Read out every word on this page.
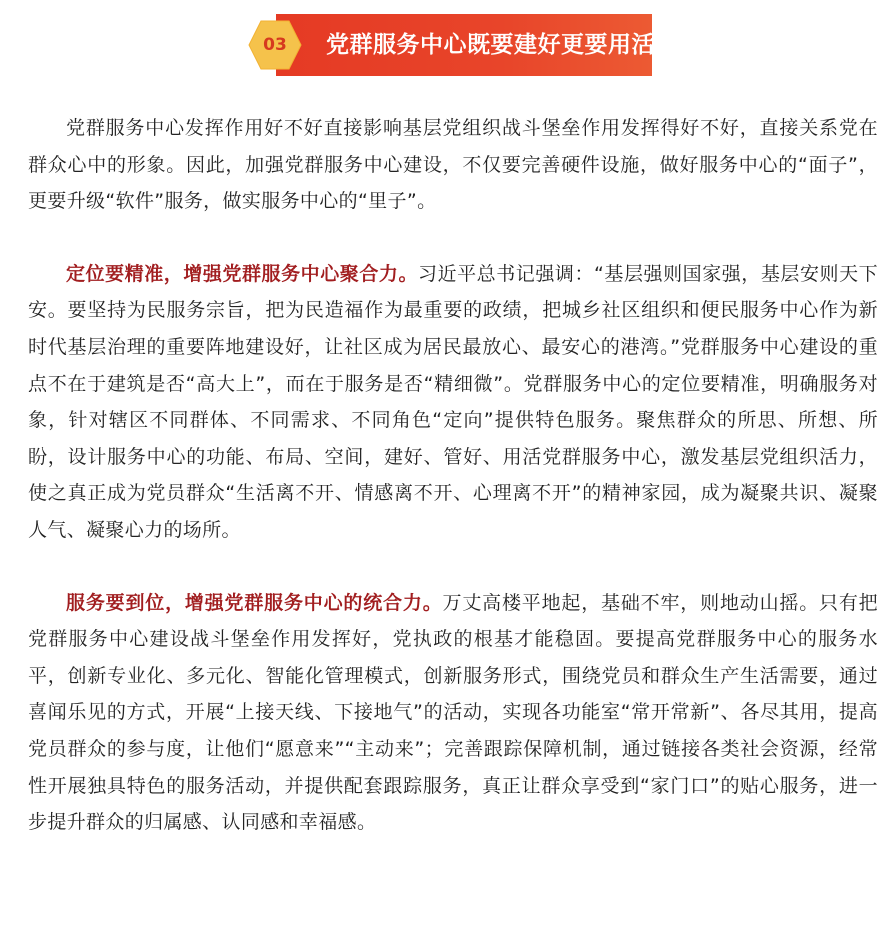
党群服务中心既要建好更要用活
03

党群服务中心发挥作用好不好直接影响基层党组织战斗堡垒作用发挥得好不好，直接关系党在群众心中的形象。因此，加强党群服务中心建设，不仅要完善硬件设施，做好服务中心的“面子”，更要升级“软件”服务，做实服务中心的“里子”。

定位要精准，增强党群服务中心聚合力。习近平总书记强调：“基层强则国家强，基层安则天下安。要坚持为民服务宗旨，把为民造福作为最重要的政绩，把城乡社区组织和便民服务中心作为新时代基层治理的重要阵地建设好，让社区成为居民最放心、最安心的港湾。”党群服务中心建设的重点不在于建筑是否“高大上”，而在于服务是否“精细微”。党群服务中心的定位要精准，明确服务对象，针对辖区不同群体、不同需求、不同角色“定向”提供特色服务。聚焦群众的所思、所想、所盼，设计服务中心的功能、布局、空间，建好、管好、用活党群服务中心，激发基层党组织活力，使之真正成为党员群众“生活离不开、情感离不开、心理离不开”的精神家园，成为凝聚共识、凝聚人气、凝聚心力的场所。

服务要到位，增强党群服务中心的统合力。万丈高楼平地起，基础不牢，则地动山摇。只有把党群服务中心建设战斗堡垒作用发挥好，党执政的根基才能稳固。要提高党群服务中心的服务水平，创新专业化、多元化、智能化管理模式，创新服务形式，围绕党员和群众生产生活需要，通过喜闻乐见的方式，开展“上接天线、下接地气”的活动，实现各功能室“常开常新”、各尽其用，提高党员群众的参与度，让他们“愿意来”“主动来”；完善跟踪保障机制，通过链接各类社会资源，经常性开展独具特色的服务活动，并提供配套跟踪服务，真正让群众享受到“家门口”的贴心服务，进一步提升群众的归属感、认同感和幸福感。
